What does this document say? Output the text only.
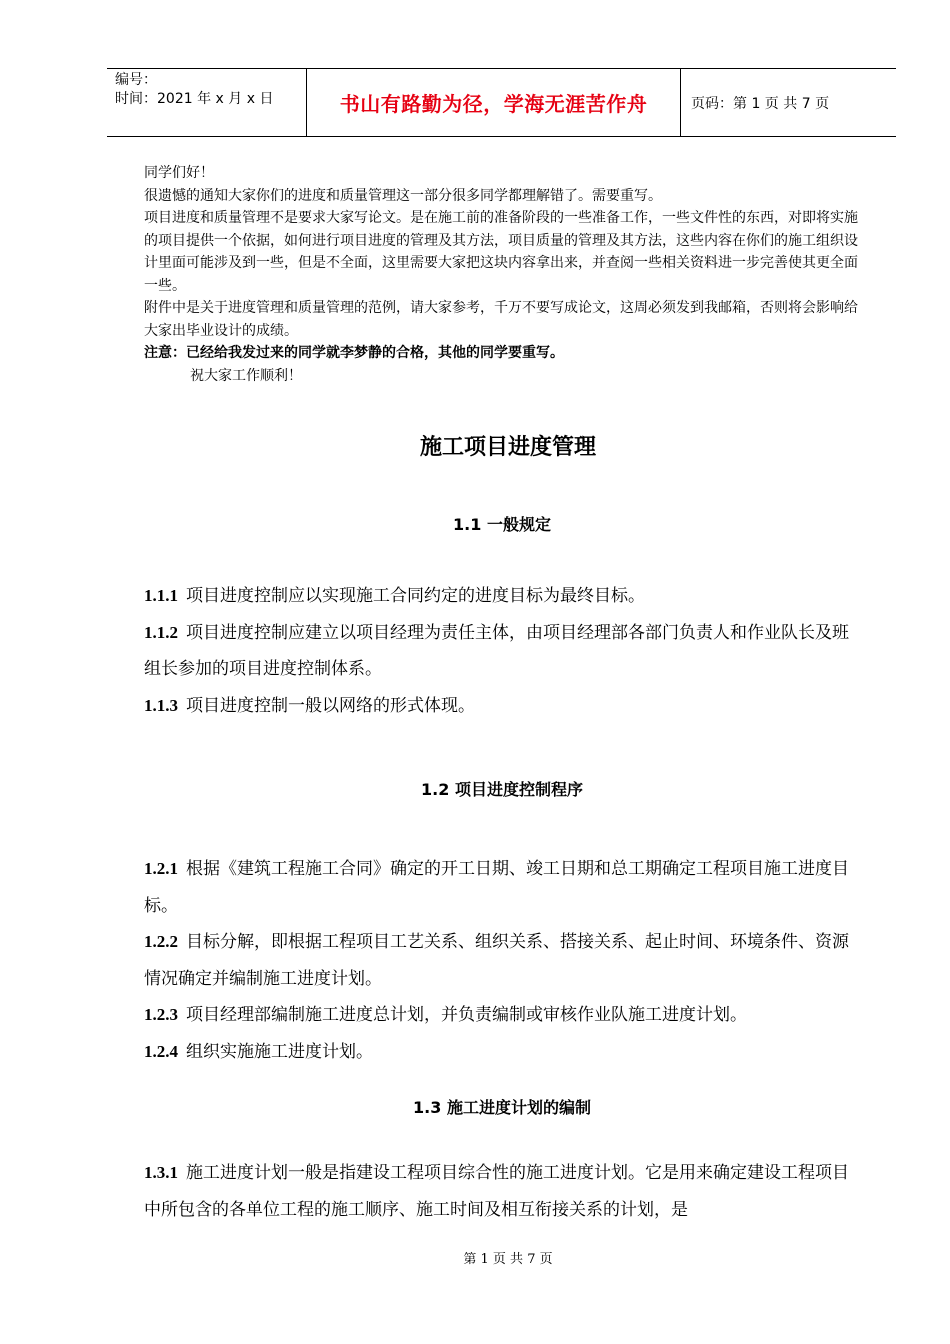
编号：
时间：2021 年 x 月 x 日	书山有路勤为径，学海无涯苦作舟	页码：第 1 页 共 7 页

同学们好！

很遗憾的通知大家你们的进度和质量管理这一部分很多同学都理解错了。需要重写。

项目进度和质量管理不是要求大家写论文。是在施工前的准备阶段的一些准备工作，一些文件性的东西，对即将实施的项目提供一个依据，如何进行项目进度的管理及其方法，项目质量的管理及其方法，这些内容在你们的施工组织设计里面可能涉及到一些，但是不全面，这里需要大家把这块内容拿出来，并查阅一些相关资料进一步完善使其更全面一些。

附件中是关于进度管理和质量管理的范例，请大家参考，千万不要写成论文，这周必须发到我邮箱，否则将会影响给大家出毕业设计的成绩。

注意：已经给我发过来的同学就李梦静的合格，其他的同学要重写。

祝大家工作顺利！

施工项目进度管理
1.1 一般规定

1.1.1 项目进度控制应以实现施工合同约定的进度目标为最终目标。

1.1.2 项目进度控制应建立以项目经理为责任主体，由项目经理部各部门负责人和作业队长及班组长参加的项目进度控制体系。

1.1.3 项目进度控制一般以网络的形式体现。

1.2 项目进度控制程序

1.2.1 根据《建筑工程施工合同》确定的开工日期、竣工日期和总工期确定工程项目施工进度目标。

1.2.2 目标分解，即根据工程项目工艺关系、组织关系、搭接关系、起止时间、环境条件、资源情况确定并编制施工进度计划。

1.2.3 项目经理部编制施工进度总计划，并负责编制或审核作业队施工进度计划。

1.2.4 组织实施施工进度计划。

1.3 施工进度计划的编制

1.3.1 施工进度计划一般是指建设工程项目综合性的施工进度计划。它是用来确定建设工程项目中所包含的各单位工程的施工顺序、施工时间及相互衔接关系的计划，是

第 1 页 共 7 页
